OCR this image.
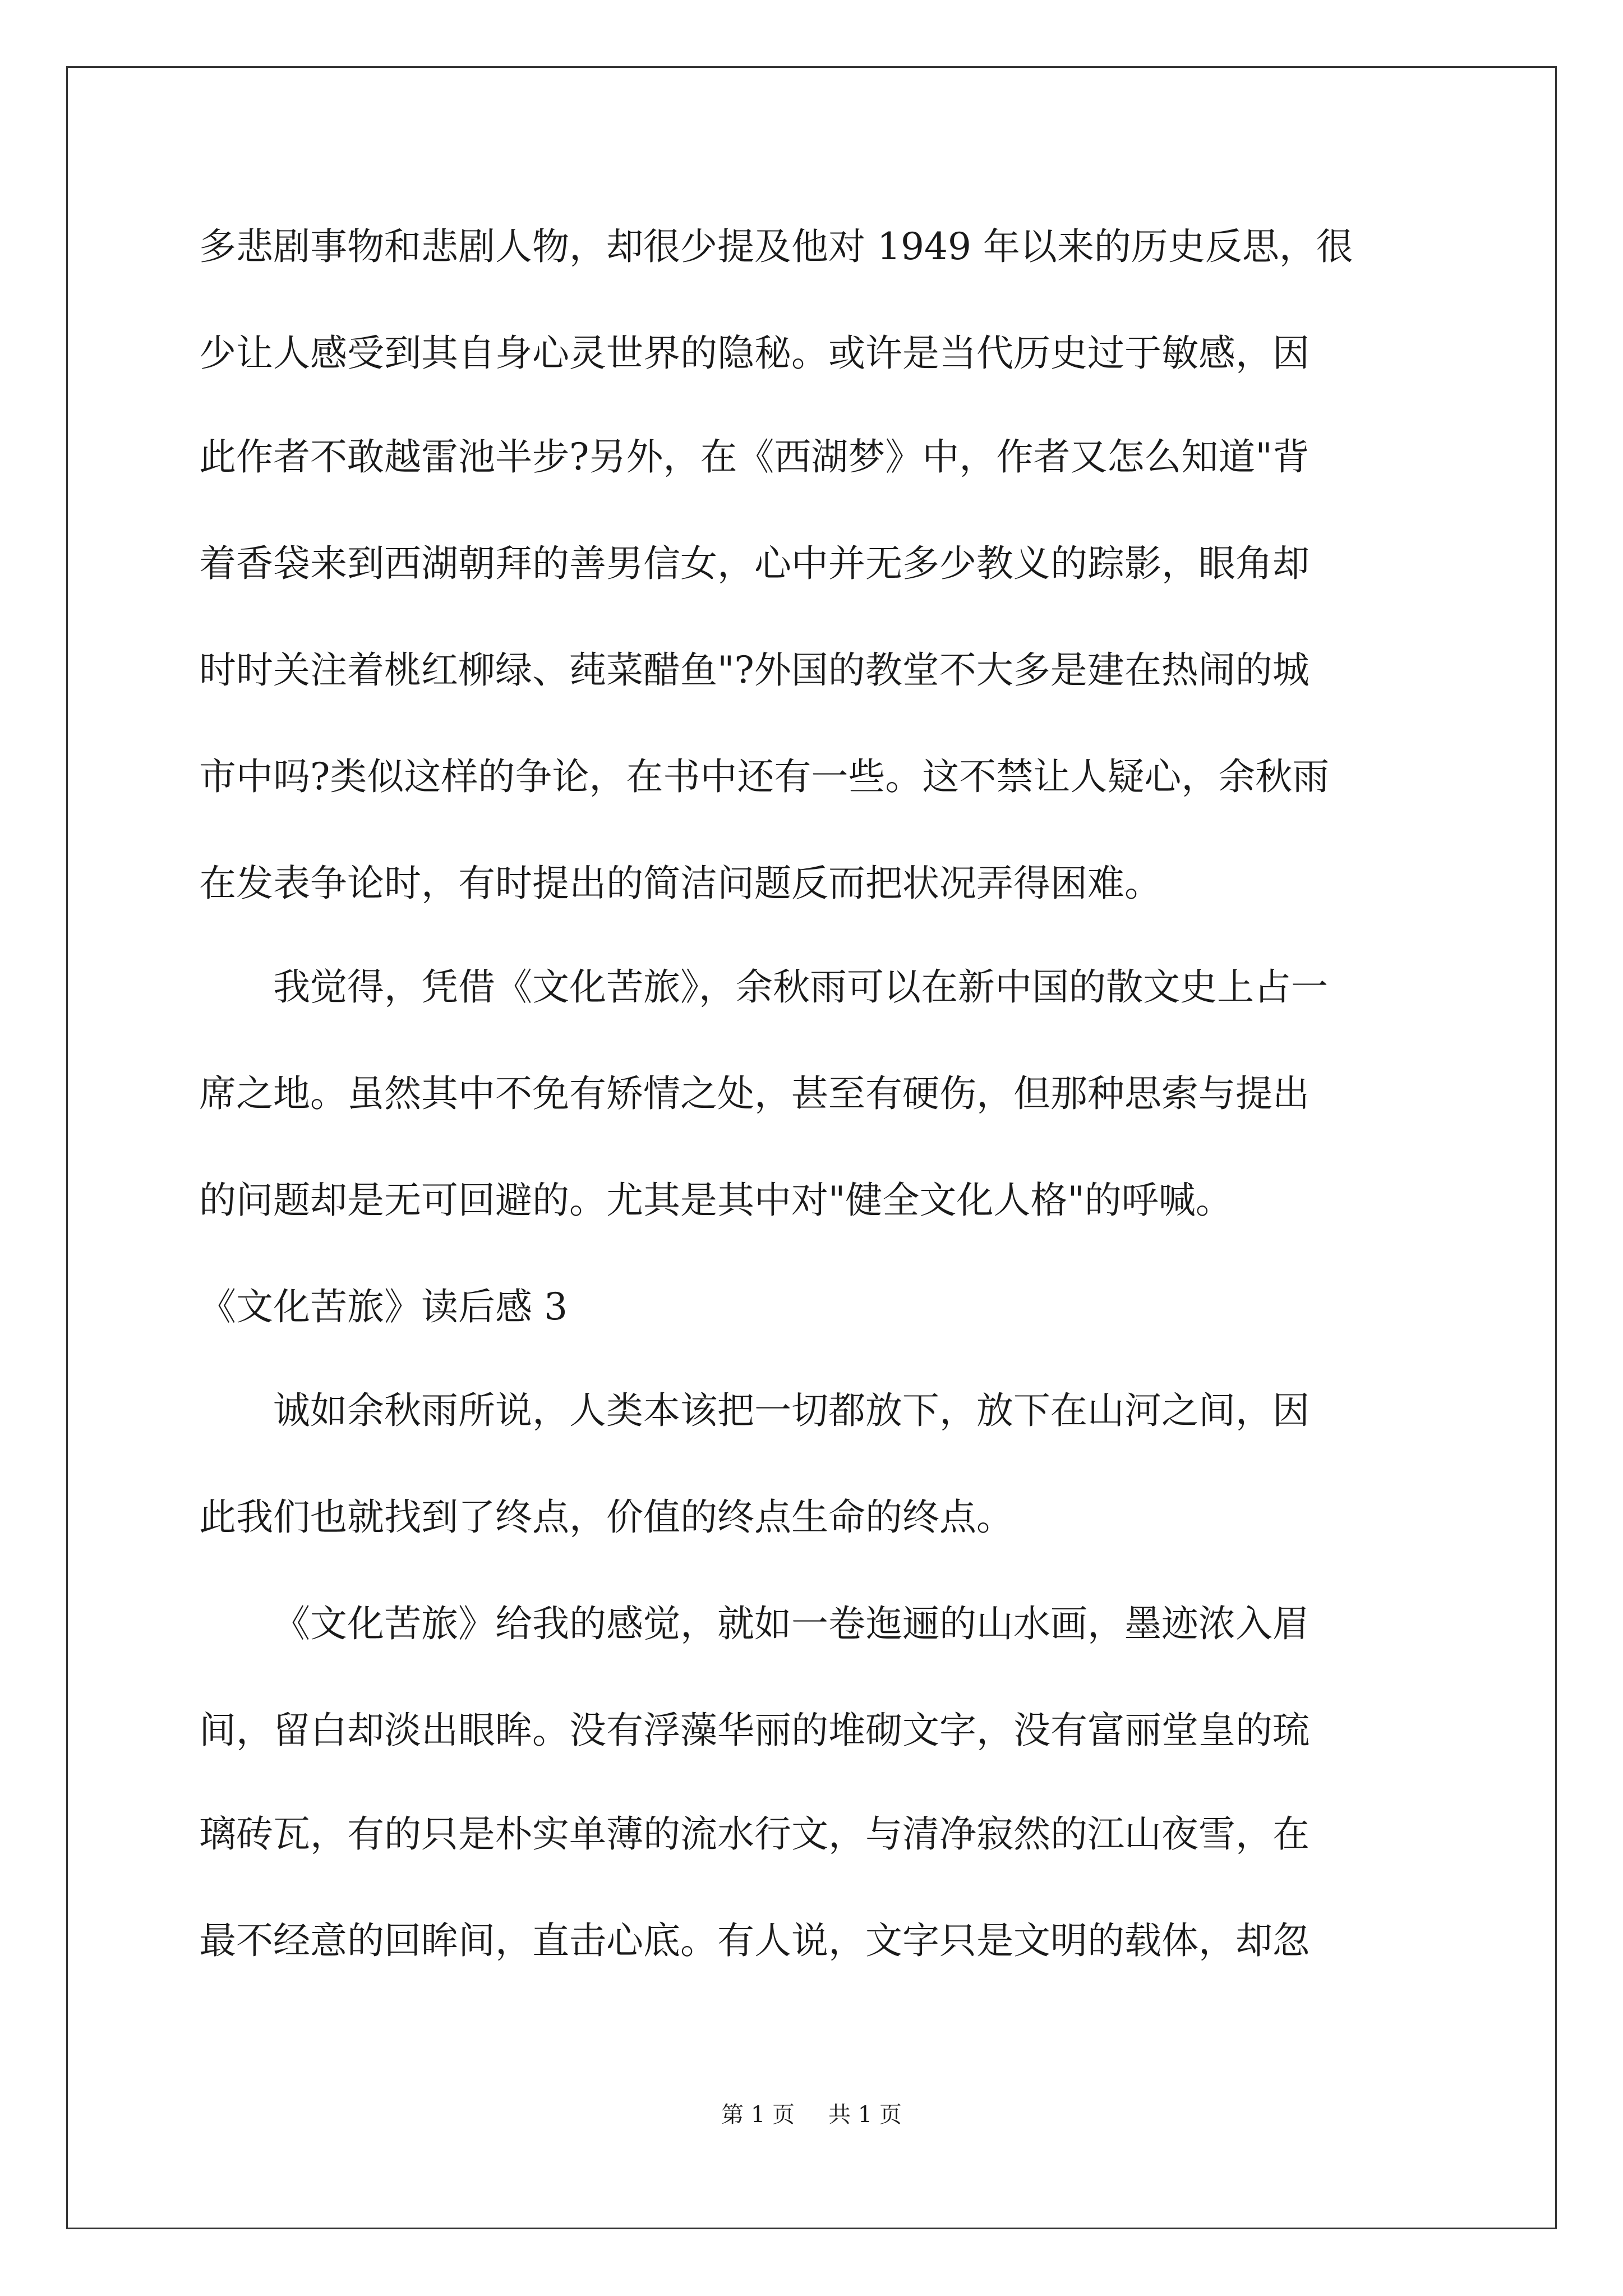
多悲剧事物和悲剧人物，却很少提及他对 1949 年以来的历史反思，很
少让人感受到其自身心灵世界的隐秘。或许是当代历史过于敏感，因
此作者不敢越雷池半步?另外，在《西湖梦》中，作者又怎么知道"背
着香袋来到西湖朝拜的善男信女，心中并无多少教义的踪影，眼角却
时时关注着桃红柳绿、莼菜醋鱼"?外国的教堂不大多是建在热闹的城
市中吗?类似这样的争论，在书中还有一些。这不禁让人疑心，余秋雨
在发表争论时，有时提出的简洁问题反而把状况弄得困难。
我觉得，凭借《文化苦旅》，余秋雨可以在新中国的散文史上占一
席之地。虽然其中不免有矫情之处，甚至有硬伤，但那种思索与提出
的问题却是无可回避的。尤其是其中对"健全文化人格"的呼喊。
《文化苦旅》读后感 3
诚如余秋雨所说，人类本该把一切都放下，放下在山河之间，因
此我们也就找到了终点，价值的终点生命的终点。
《文化苦旅》给我的感觉，就如一卷迤逦的山水画，墨迹浓入眉
间，留白却淡出眼眸。没有浮藻华丽的堆砌文字，没有富丽堂皇的琉
璃砖瓦，有的只是朴实单薄的流水行文，与清净寂然的江山夜雪，在
最不经意的回眸间，直击心底。有人说，文字只是文明的载体，却忽
第 1 页 共 1 页
